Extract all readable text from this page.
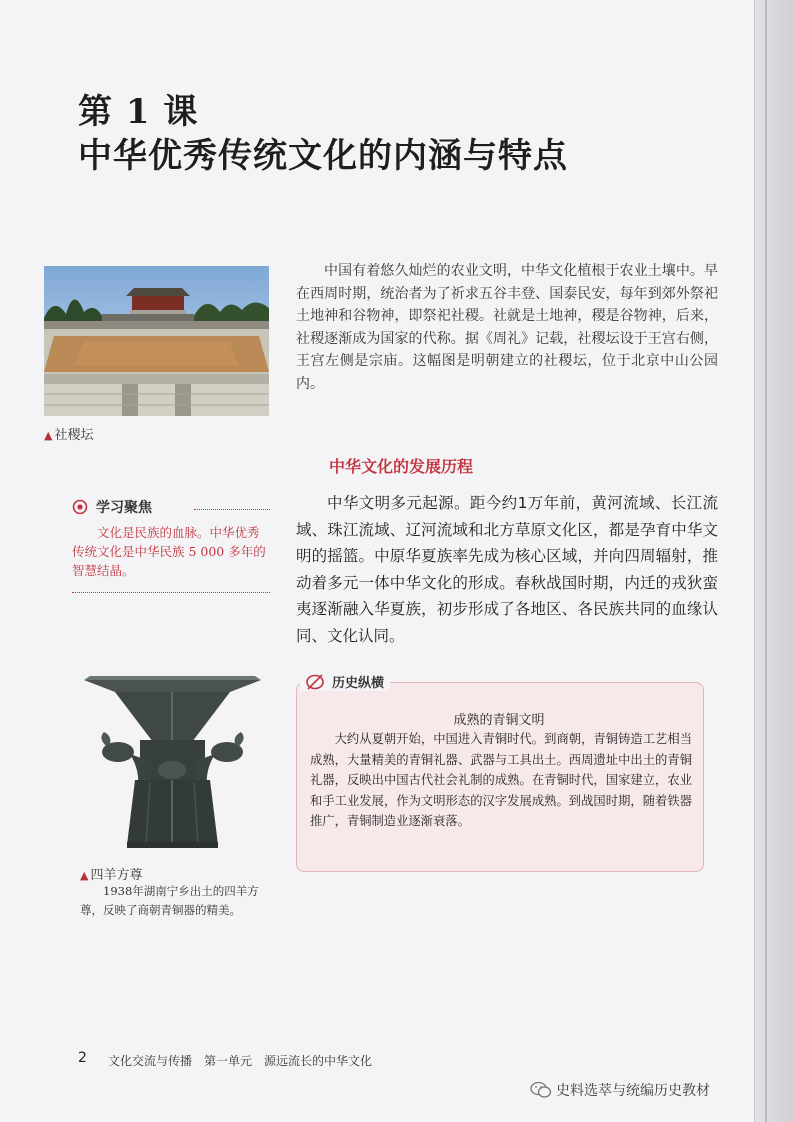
第 1 课
中华优秀传统文化的内涵与特点
▲ 社稷坛

中国有着悠久灿烂的农业文明，中华文化植根于农业土壤中。早在西周时期，统治者为了祈求五谷丰登、国泰民安，每年到郊外祭祀土地神和谷物神，即祭祀社稷。社就是土地神，稷是谷物神，后来，社稷逐渐成为国家的代称。据《周礼》记载，社稷坛设于王宫右侧，王宫左侧是宗庙。这幅图是明朝建立的社稷坛，位于北京中山公园内。

中华文化的发展历程
学习聚焦

文化是民族的血脉。中华优秀传统文化是中华民族 5 000 多年的智慧结晶。

中华文明多元起源。距今约1万年前，黄河流域、长江流域、珠江流域、辽河流域和北方草原文化区，都是孕育中华文明的摇篮。中原华夏族率先成为核心区域，并向四周辐射，推动着多元一体中华文化的形成。春秋战国时期，内迁的戎狄蛮夷逐渐融入华夏族，初步形成了各地区、各民族共同的血缘认同、文化认同。

▲ 四羊方尊

1938年湖南宁乡出土的四羊方尊，反映了商朝青铜器的精美。

历史纵横
成熟的青铜文明

大约从夏朝开始，中国进入青铜时代。到商朝，青铜铸造工艺相当成熟，大量精美的青铜礼器、武器与工具出土。西周遗址中出土的青铜礼器，反映出中国古代社会礼制的成熟。在青铜时代，国家建立，农业和手工业发展，作为文明形态的汉字发展成熟。到战国时期，随着铁器推广，青铜制造业逐渐衰落。

2 文化交流与传播　第一单元　源远流长的中华文化
史料选萃与统编历史教材
